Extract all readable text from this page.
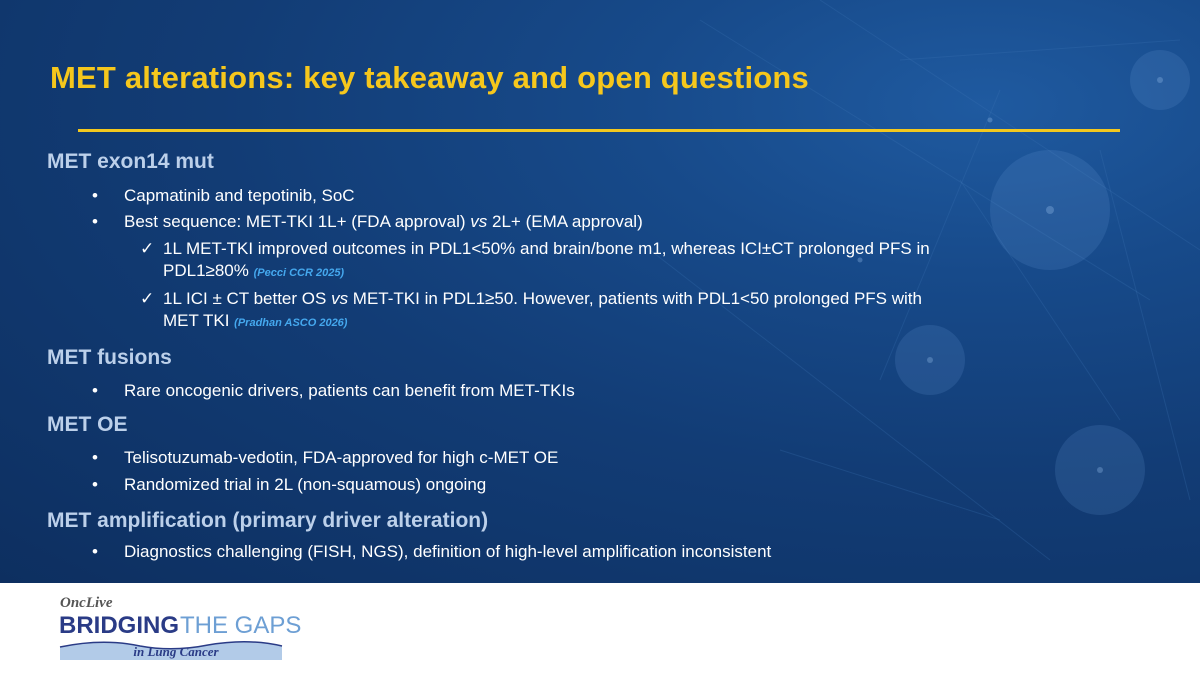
MET alterations: key takeaway and open questions
MET exon14 mut
• Capmatinib and tepotinib, SoC
• Best sequence: MET-TKI 1L+ (FDA approval) vs 2L+ (EMA approval)
✓ 1L MET-TKI improved outcomes in PDL1<50% and brain/bone m1, whereas ICI±CT prolonged PFS in
PDL1≥80% (Pecci CCR 2025)
✓ 1L ICI ± CT better OS vs MET-TKI in PDL1≥50. However, patients with PDL1<50 prolonged PFS with
MET TKI (Pradhan ASCO 2026)
MET fusions
• Rare oncogenic drivers, patients can benefit from MET-TKIs
MET OE
• Telisotuzumab-vedotin, FDA-approved for high c-MET OE
• Randomized trial in 2L (non-squamous) ongoing
MET amplification (primary driver alteration)
• Diagnostics challenging (FISH, NGS), definition of high-level amplification inconsistent
OncLive
BRIDGING THE GAPS
in Lung Cancer
